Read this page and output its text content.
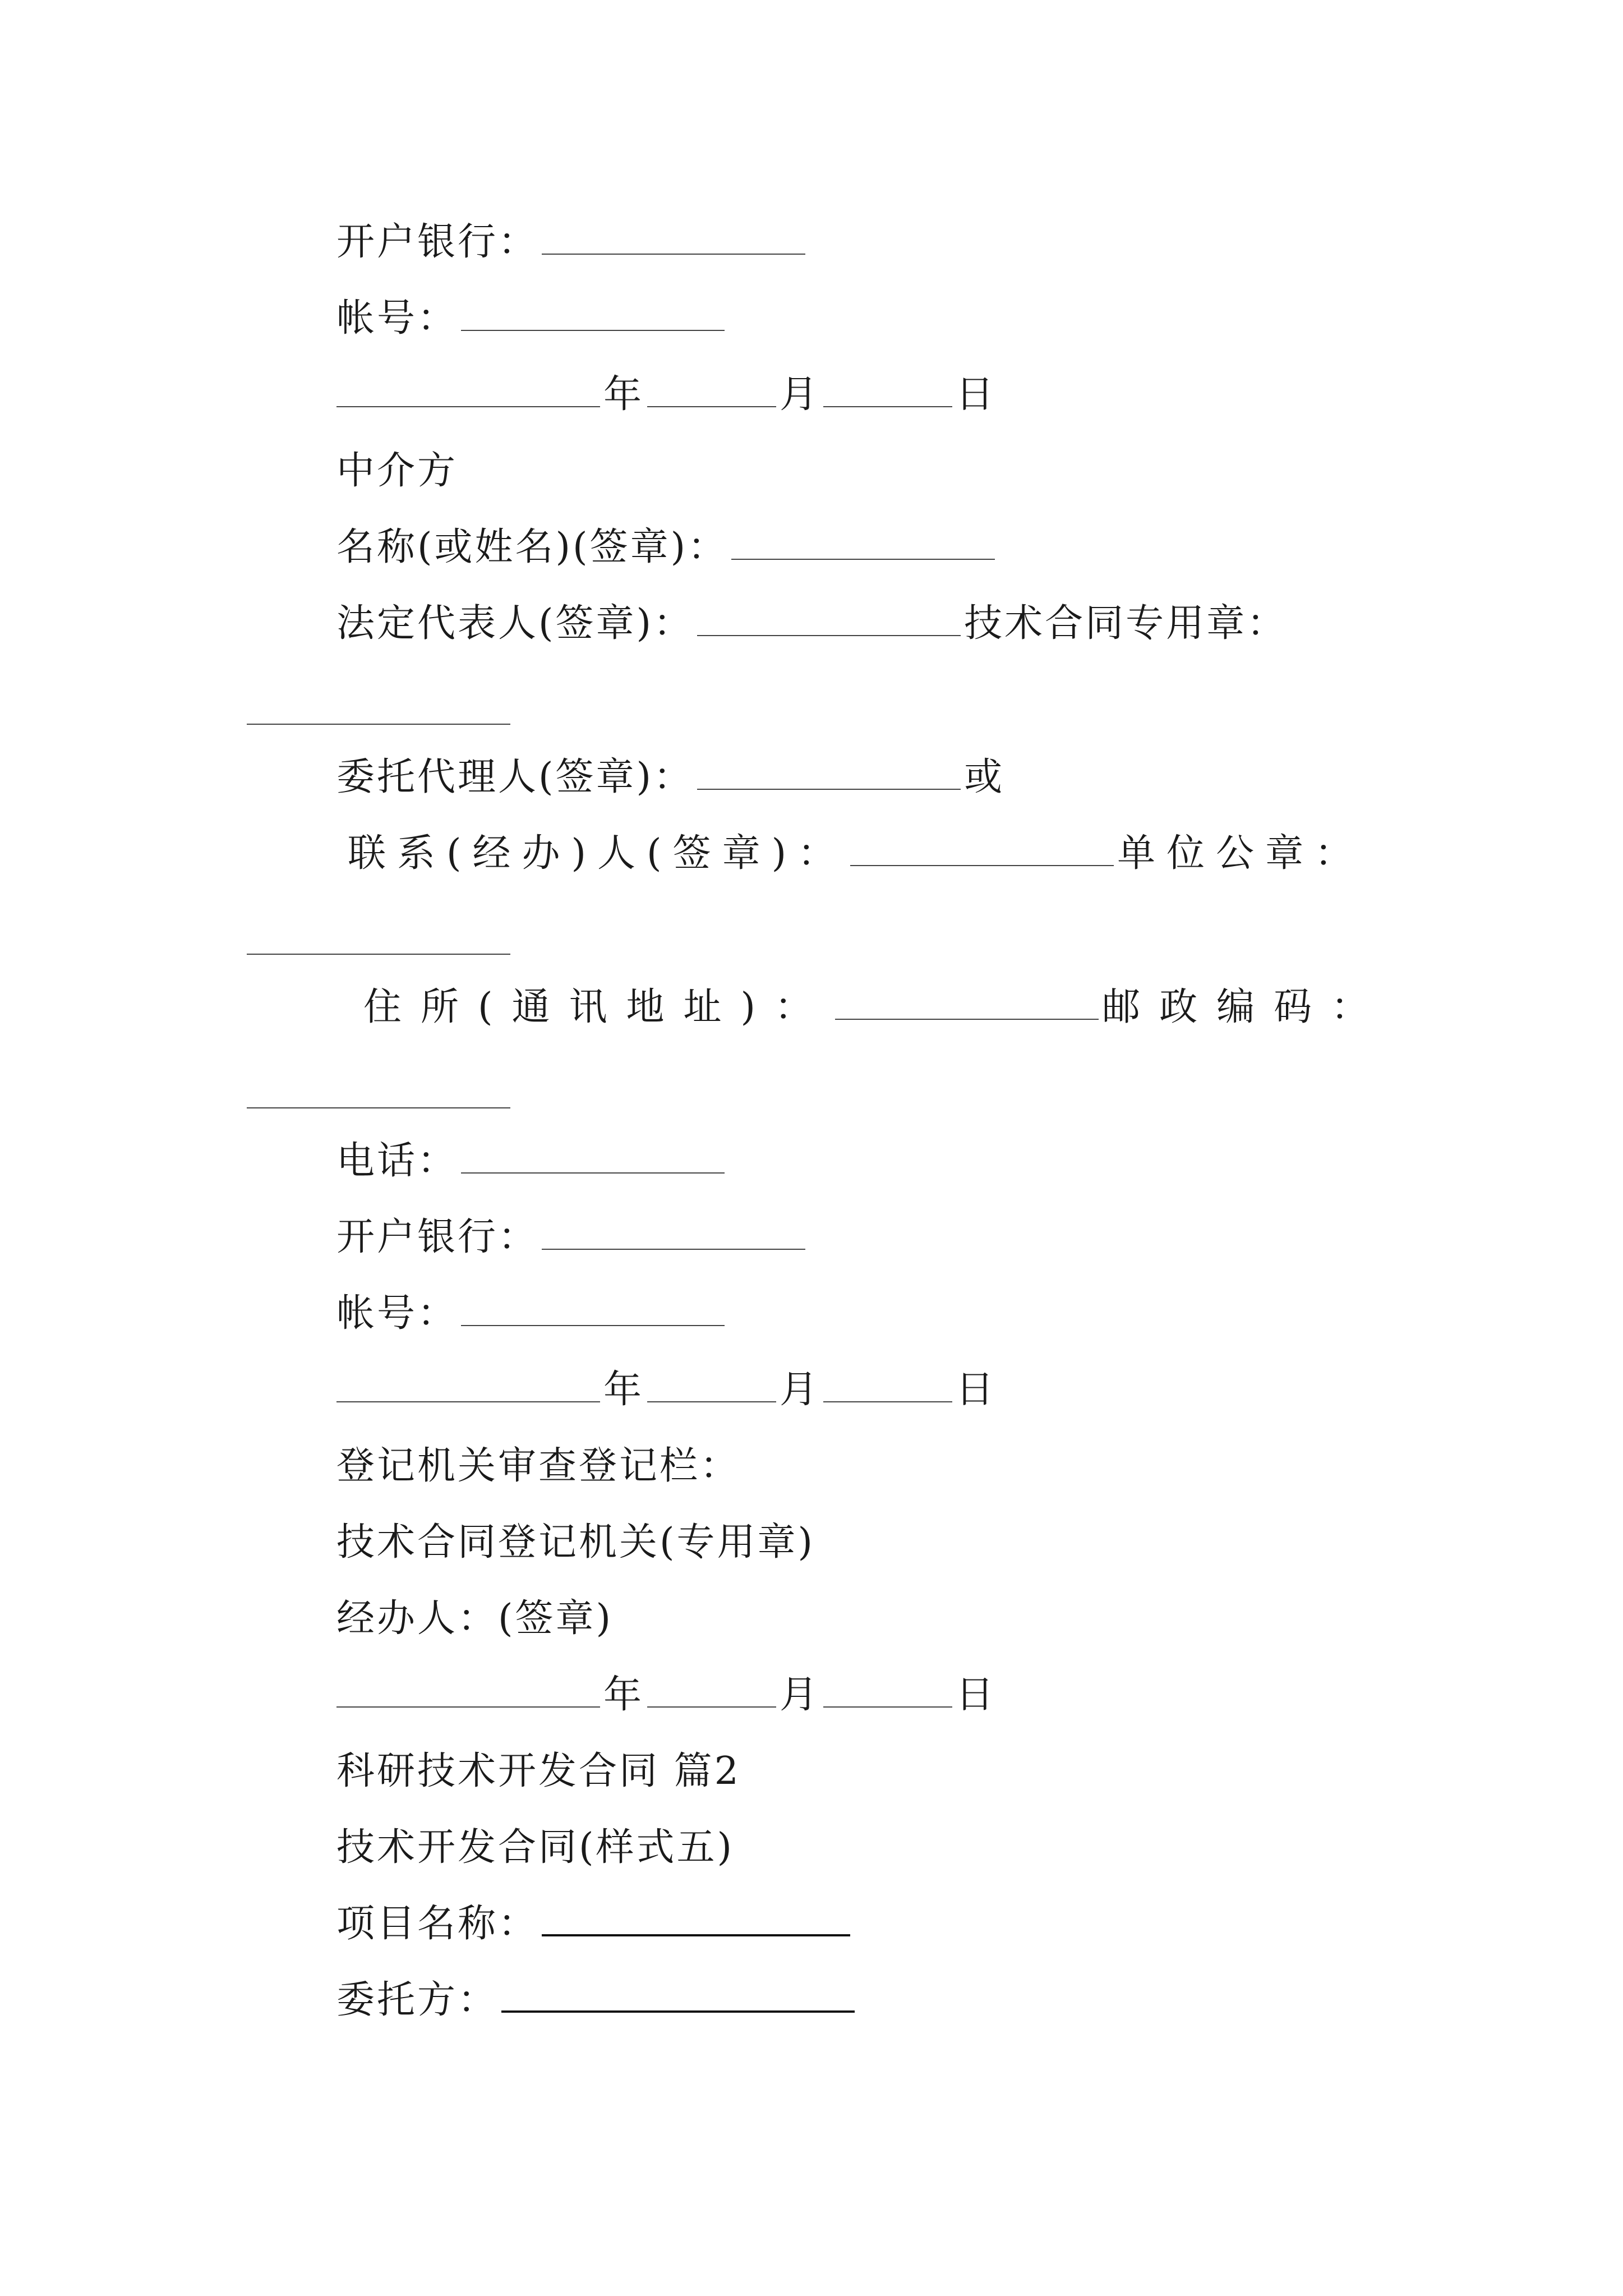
开户银行：
帐号：
年	月	日
中介方
名称(或姓名)(签章)：
法定代表人(签章)：	技术合同专用章：
委托代理人(签章)：	或
联系(经办)人(签章)：	单位公章：
住所(通讯地址)：	邮政编码：
电话：
开户银行：
帐号：
年	月	日
登记机关审查登记栏：
技术合同登记机关(专用章)
经办人：(签章)
年	月	日
科研技术开发合同 篇2
技术开发合同(样式五)
项目名称：
委托方：
